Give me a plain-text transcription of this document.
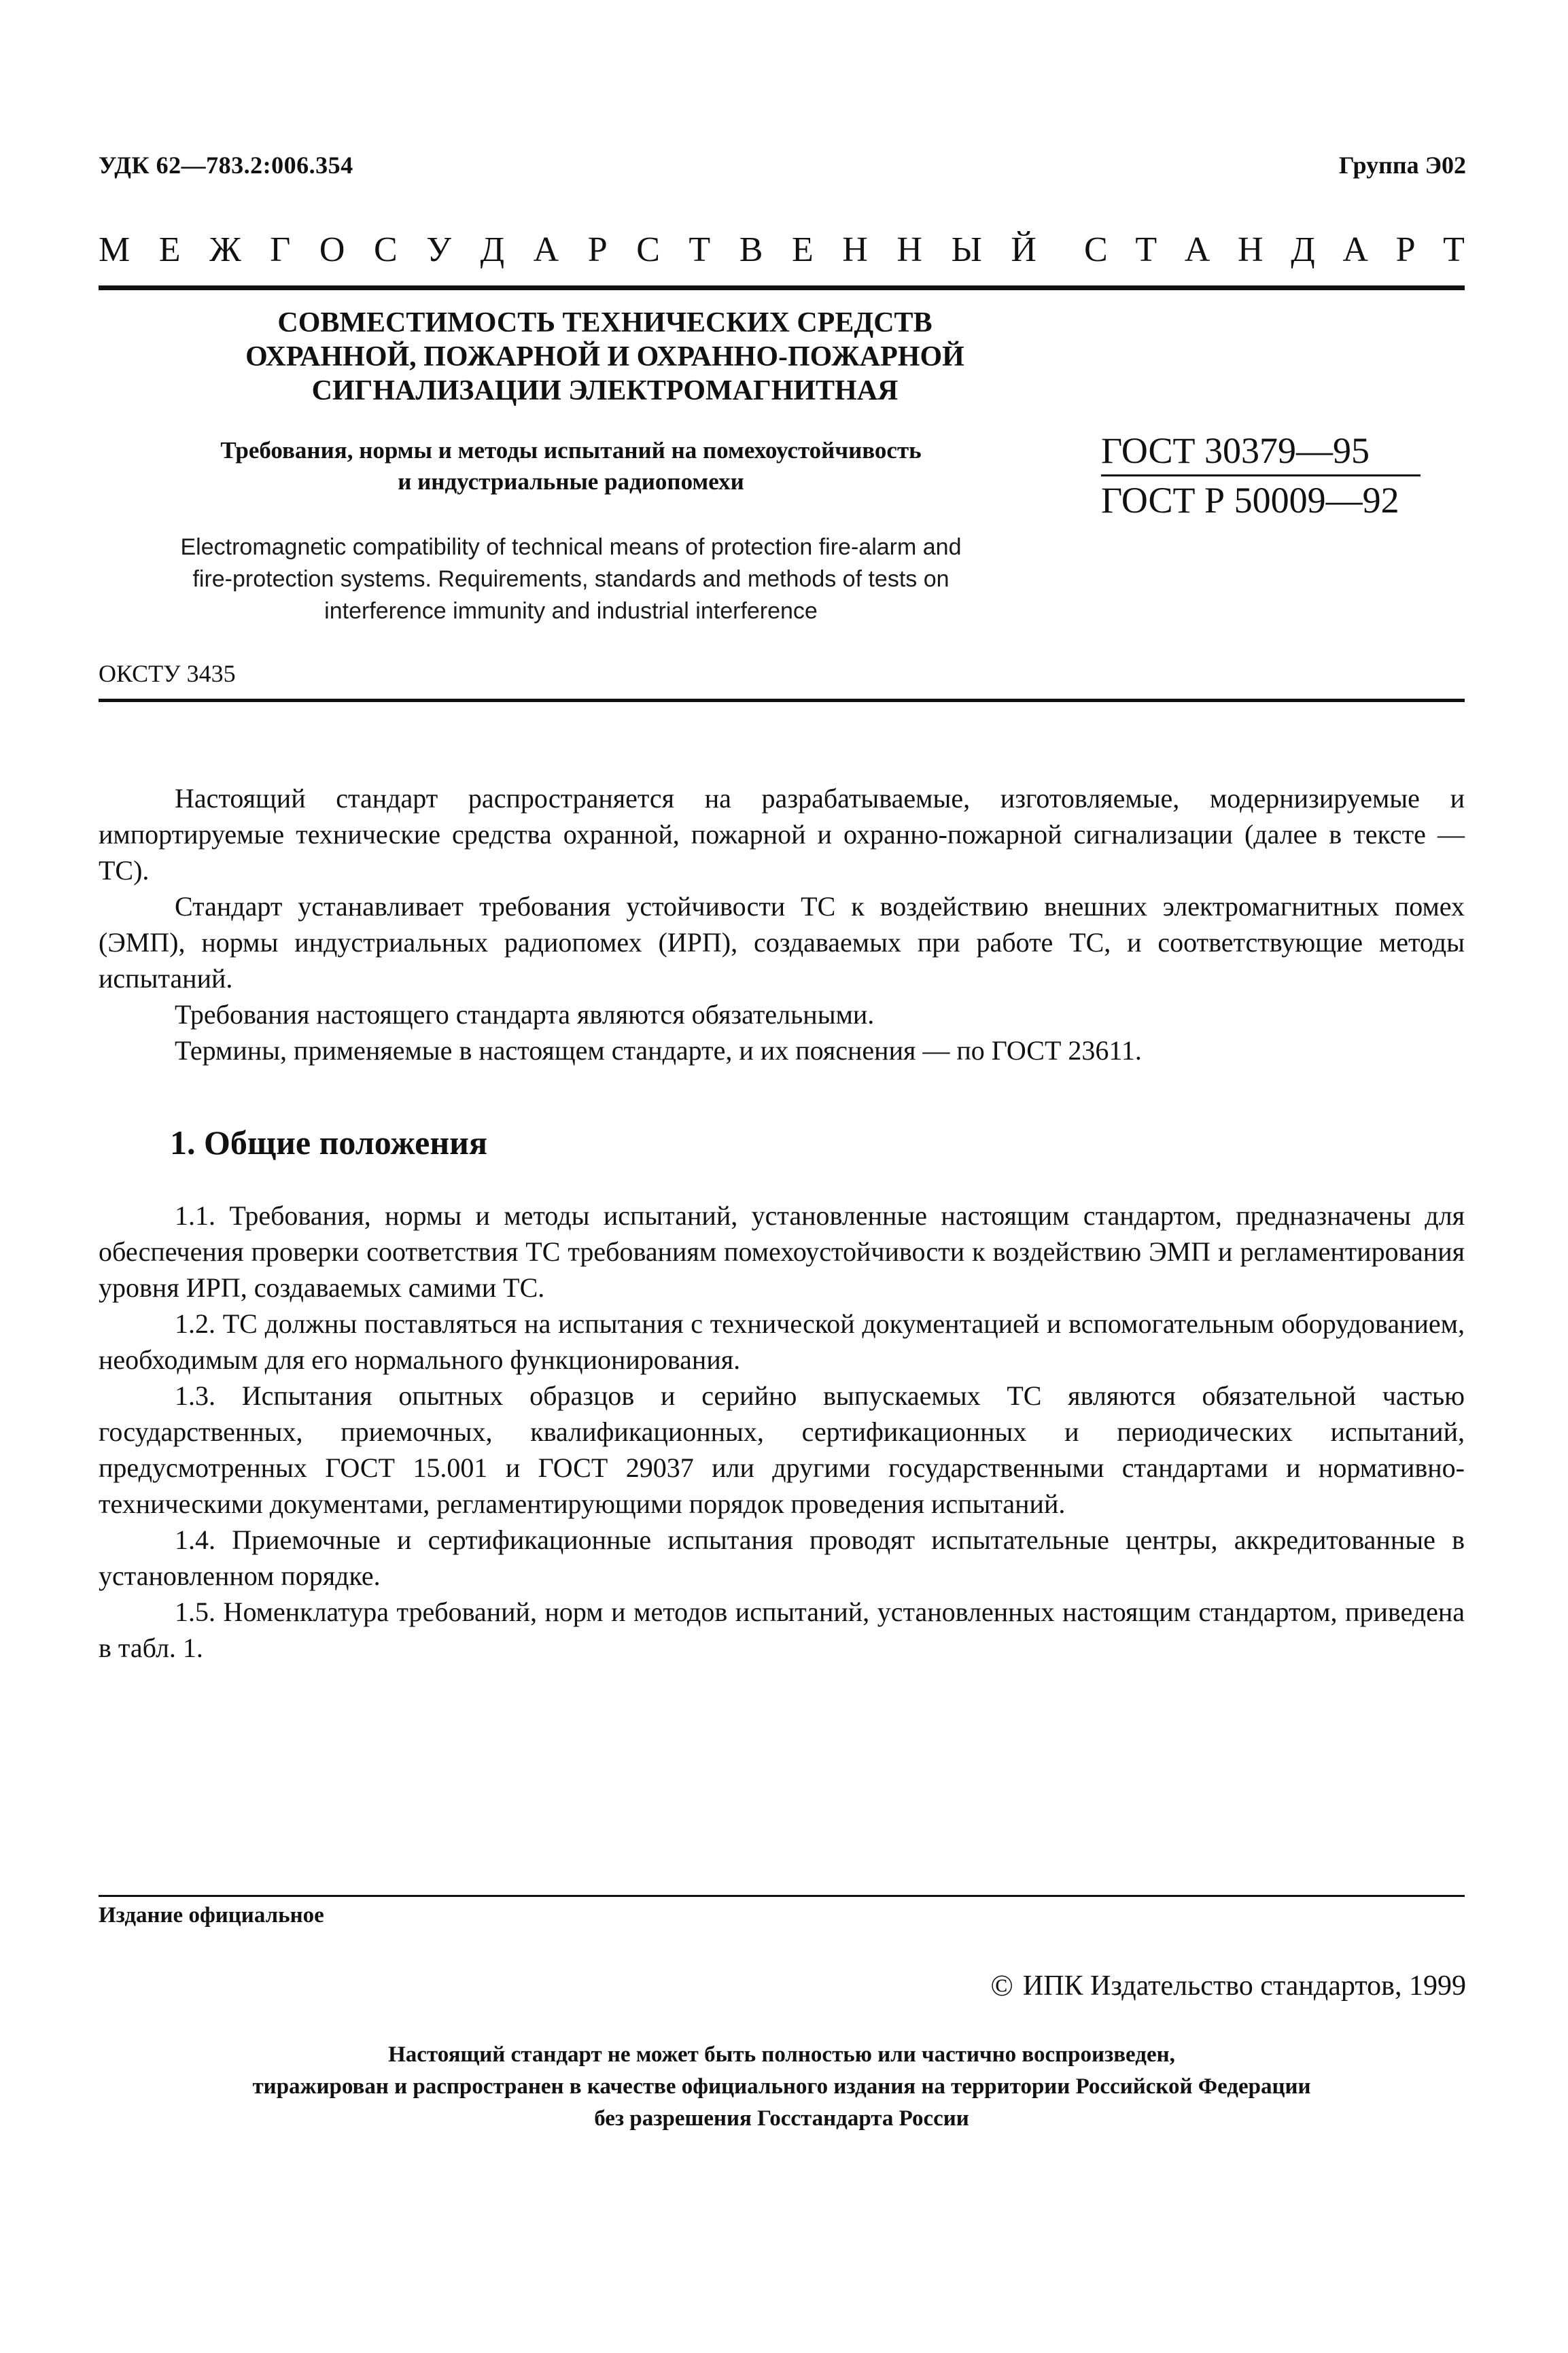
УДК 62—783.2:006.354	Группа Э02
М Е Ж Г О С У Д А Р С Т В Е Н Н Ы Й С Т А Н Д А Р Т
СОВМЕСТИМОСТЬ ТЕХНИЧЕСКИХ СРЕДСТВ
ОХРАННОЙ, ПОЖАРНОЙ И ОХРАННО-ПОЖАРНОЙ
СИГНАЛИЗАЦИИ ЭЛЕКТРОМАГНИТНАЯ
Требования, нормы и методы испытаний на помехоустойчивость
и индустриальные радиопомехи
ГОСТ 30379—95
ГОСТ Р 50009—92
Electromagnetic compatibility of technical means of protection fire-alarm and
fire-protection systems. Requirements, standards and methods of tests on
interference immunity and industrial interference
ОКСТУ 3435

Настоящий стандарт распространяется на разрабатываемые, изготовляемые, модернизируемые и импортируемые технические средства охранной, пожарной и охранно-пожарной сигнализации (далее в тексте — ТС).

Стандарт устанавливает требования устойчивости ТС к воздействию внешних электромагнитных помех (ЭМП), нормы индустриальных радиопомех (ИРП), создаваемых при работе ТС, и соответствующие методы испытаний.

Требования настоящего стандарта являются обязательными.

Термины, применяемые в настоящем стандарте, и их пояснения — по ГОСТ 23611.

1. Общие положения

1.1. Требования, нормы и методы испытаний, установленные настоящим стандартом, предназначены для обеспечения проверки соответствия ТС требованиям помехоустойчивости к воздействию ЭМП и регламентирования уровня ИРП, создаваемых самими ТС.

1.2. ТС должны поставляться на испытания с технической документацией и вспомогательным оборудованием, необходимым для его нормального функционирования.

1.3. Испытания опытных образцов и серийно выпускаемых ТС являются обязательной частью государственных, приемочных, квалификационных, сертификационных и периодических испытаний, предусмотренных ГОСТ 15.001 и ГОСТ 29037 или другими государственными стандартами и нормативно-техническими документами, регламентирующими порядок проведения испытаний.

1.4. Приемочные и сертификационные испытания проводят испытательные центры, аккредитованные в установленном порядке.

1.5. Номенклатура требований, норм и методов испытаний, установленных настоящим стандартом, приведена в табл. 1.

Издание официальное
© ИПК Издательство стандартов, 1999
Настоящий стандарт не может быть полностью или частично воспроизведен,
тиражирован и распространен в качестве официального издания на территории Российской Федерации
без разрешения Госстандарта России
